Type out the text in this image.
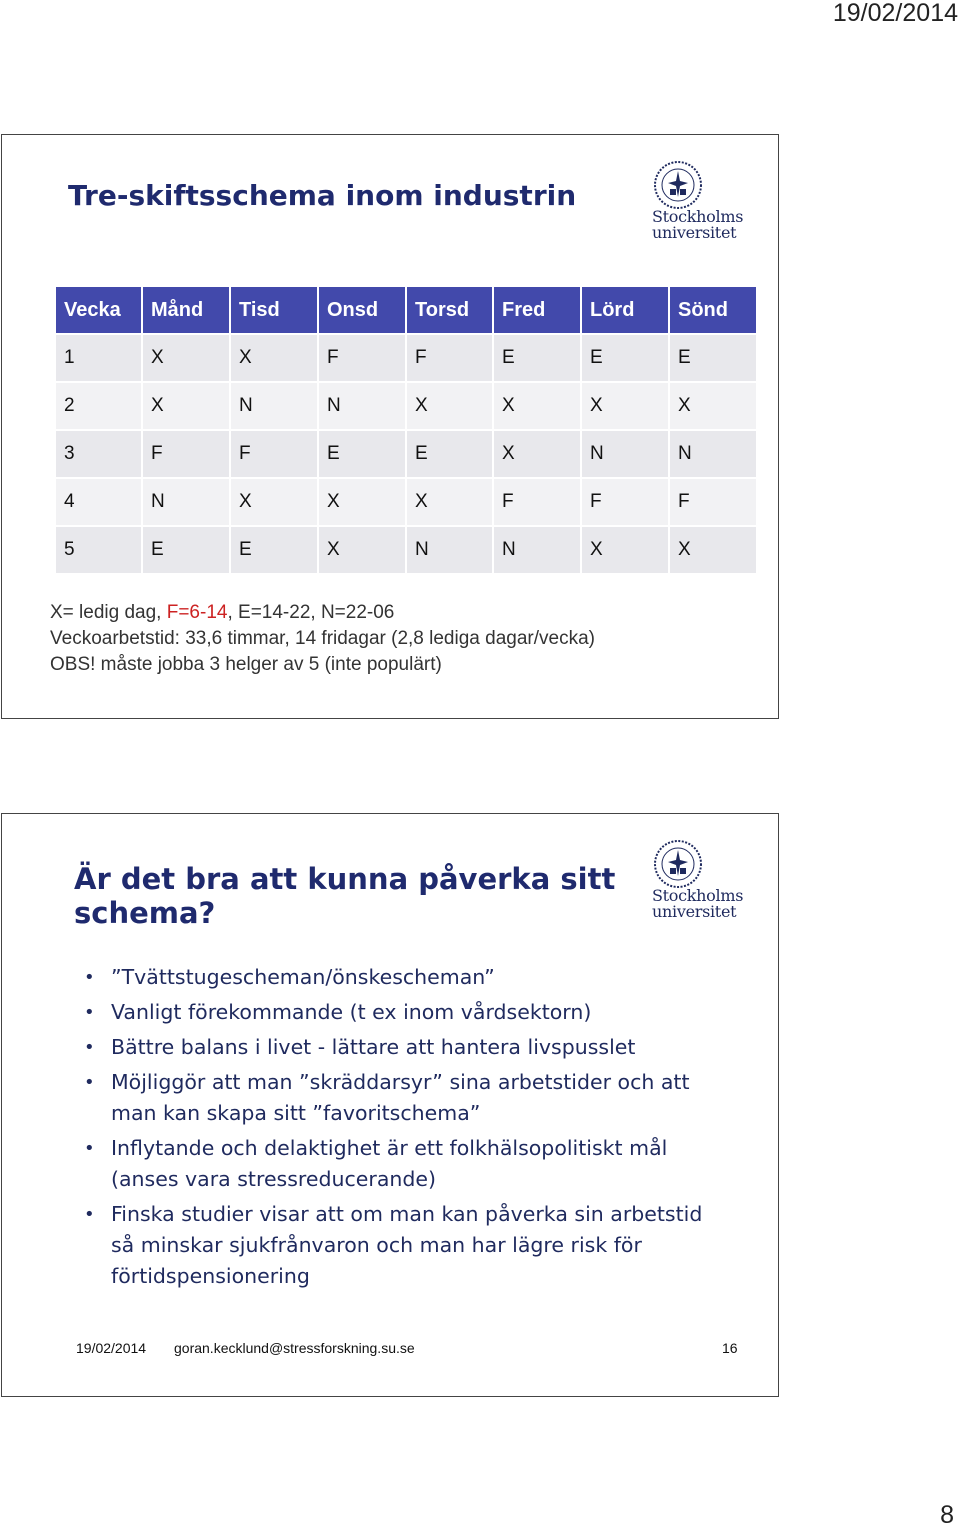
19/02/2014
Tre-skiftsschema inom industrin
Stockholms
universitet
Vecka	Månd	Tisd	Onsd	Torsd	Fred	Lörd	Sönd
1	X	X	F	F	E	E	E
2	X	N	N	X	X	X	X
3	F	F	E	E	X	N	N
4	N	X	X	X	F	F	F
5	E	E	X	N	N	X	X
X= ledig dag, F=6-14, E=14-22, N=22-06
Veckoarbetstid: 33,6 timmar, 14 fridagar (2,8 lediga dagar/vecka)
OBS! måste jobba 3 helger av 5 (inte populärt)
Är det bra att kunna påverka sitt schema?
Stockholms
universitet
• ”Tvättstugescheman/önskescheman”
• Vanligt förekommande (t ex inom vårdsektorn)
• Bättre balans i livet - lättare att hantera livspusslet
• Möjliggör att man ”skräddarsyr” sina arbetstider och att man kan skapa sitt ”favoritschema”
• Inflytande och delaktighet är ett folkhälsopolitiskt mål (anses vara stressreducerande)
• Finska studier visar att om man kan påverka sin arbetstid så minskar sjukfrånvaron och man har lägre risk för förtidspensionering
19/02/2014 goran.kecklund@stressforskning.su.se	16
8
